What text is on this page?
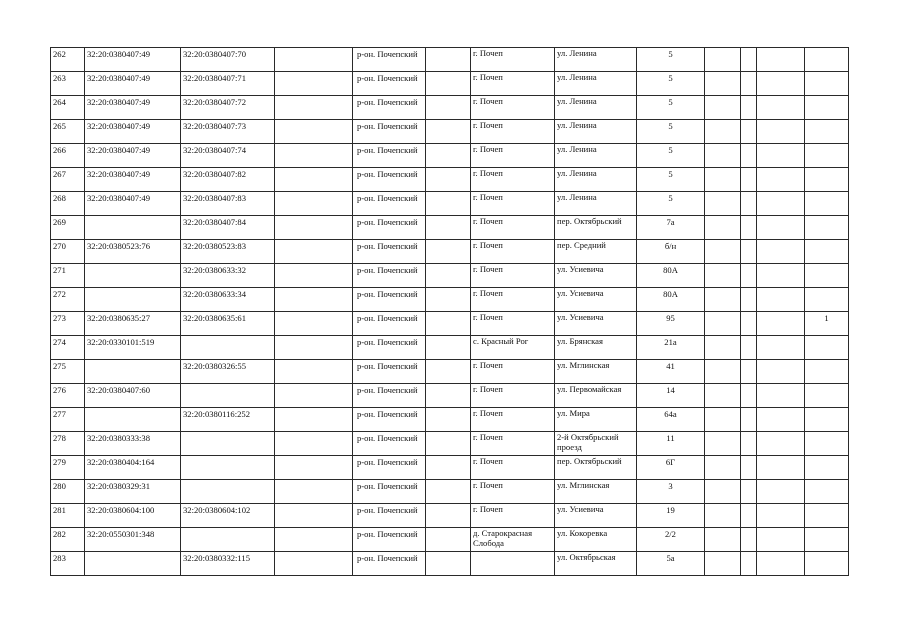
262	32:20:0380407:49	32:20:0380407:70		р-он. Почепский		г. Почеп	ул. Ленина	5				
263	32:20:0380407:49	32:20:0380407:71		р-он. Почепский		г. Почеп	ул. Ленина	5				
264	32:20:0380407:49	32:20:0380407:72		р-он. Почепский		г. Почеп	ул. Ленина	5				
265	32:20:0380407:49	32:20:0380407:73		р-он. Почепский		г. Почеп	ул. Ленина	5				
266	32:20:0380407:49	32:20:0380407:74		р-он. Почепский		г. Почеп	ул. Ленина	5				
267	32:20:0380407:49	32:20:0380407:82		р-он. Почепский		г. Почеп	ул. Ленина	5				
268	32:20:0380407:49	32:20:0380407:83		р-он. Почепский		г. Почеп	ул. Ленина	5				
269		32:20:0380407:84		р-он. Почепский		г. Почеп	пер. Октябрьский	7а				
270	32:20:0380523:76	32:20:0380523:83		р-он. Почепский		г. Почеп	пер. Средний	б/н				
271		32:20:0380633:32		р-он. Почепский		г. Почеп	ул. Усиевича	80А				
272		32:20:0380633:34		р-он. Почепский		г. Почеп	ул. Усиевича	80А				
273	32:20:0380635:27	32:20:0380635:61		р-он. Почепский		г. Почеп	ул. Усиевича	95				1
274	32:20:0330101:519			р-он. Почепский		с. Красный Рог	ул. Брянская	21а				
275		32:20:0380326:55		р-он. Почепский		г. Почеп	ул. Мглинская	41				
276	32:20:0380407:60			р-он. Почепский		г. Почеп	ул. Первомайская	14				
277		32:20:0380116:252		р-он. Почепский		г. Почеп	ул. Мира	64а				
278	32:20:0380333:38			р-он. Почепский		г. Почеп	2-й Октябрьский проезд	11				
279	32:20:0380404:164			р-он. Почепский		г. Почеп	пер. Октябрьский	6Г				
280	32:20:0380329:31			р-он. Почепский		г. Почеп	ул. Мглинская	3				
281	32:20:0380604:100	32:20:0380604:102		р-он. Почепский		г. Почеп	ул. Усиевича	19				
282	32:20:0550301:348			р-он. Почепский		д. Старокрасная Слобода	ул. Кокоревка	2/2				
283		32:20:0380332:115		р-он. Почепский			ул. Октябрьская	5а				
